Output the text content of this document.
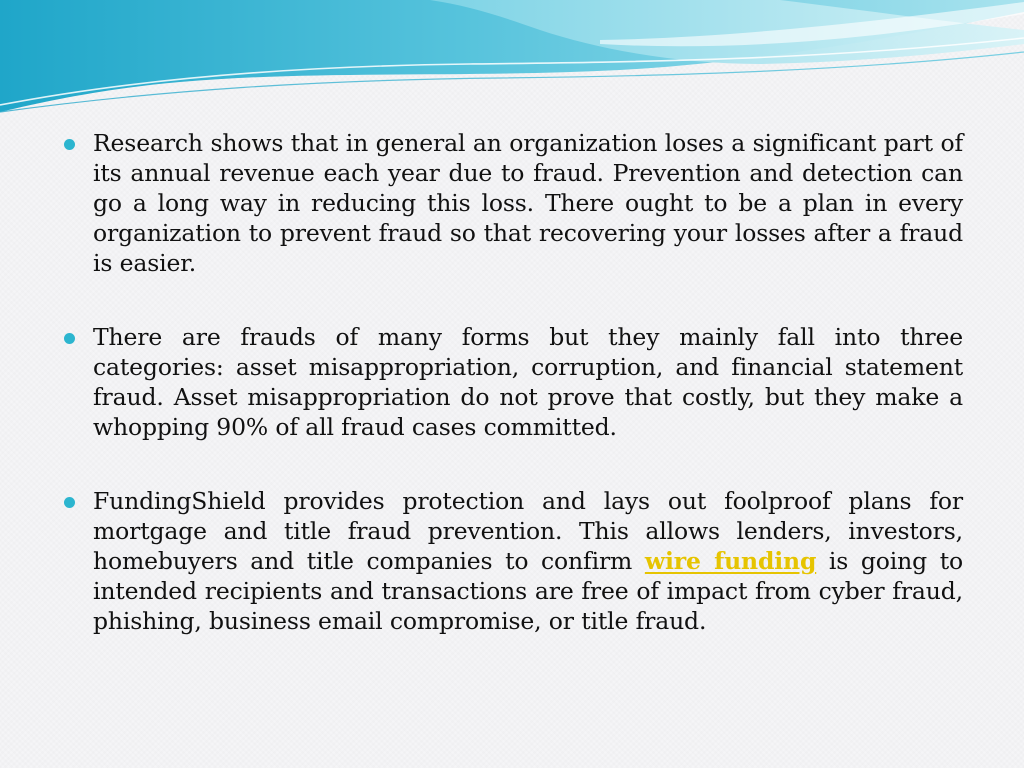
Research shows that in general an organization loses a significant part of its annual revenue each year due to fraud. Prevention and detection can go a long way in reducing this loss. There ought to be a plan in every organization to prevent fraud so that recovering your losses after a fraud is easier.

There are frauds of many forms but they mainly fall into three categories: asset misappropriation, corruption, and financial statement fraud. Asset misappropriation do not prove that costly, but they make a whopping 90% of all fraud cases committed.

FundingShield provides protection and lays out foolproof plans for mortgage and title fraud prevention. This allows lenders, investors, homebuyers and title companies to confirm wire funding is going to intended recipients and transactions are free of impact from cyber fraud, phishing, business email compromise, or title fraud.
